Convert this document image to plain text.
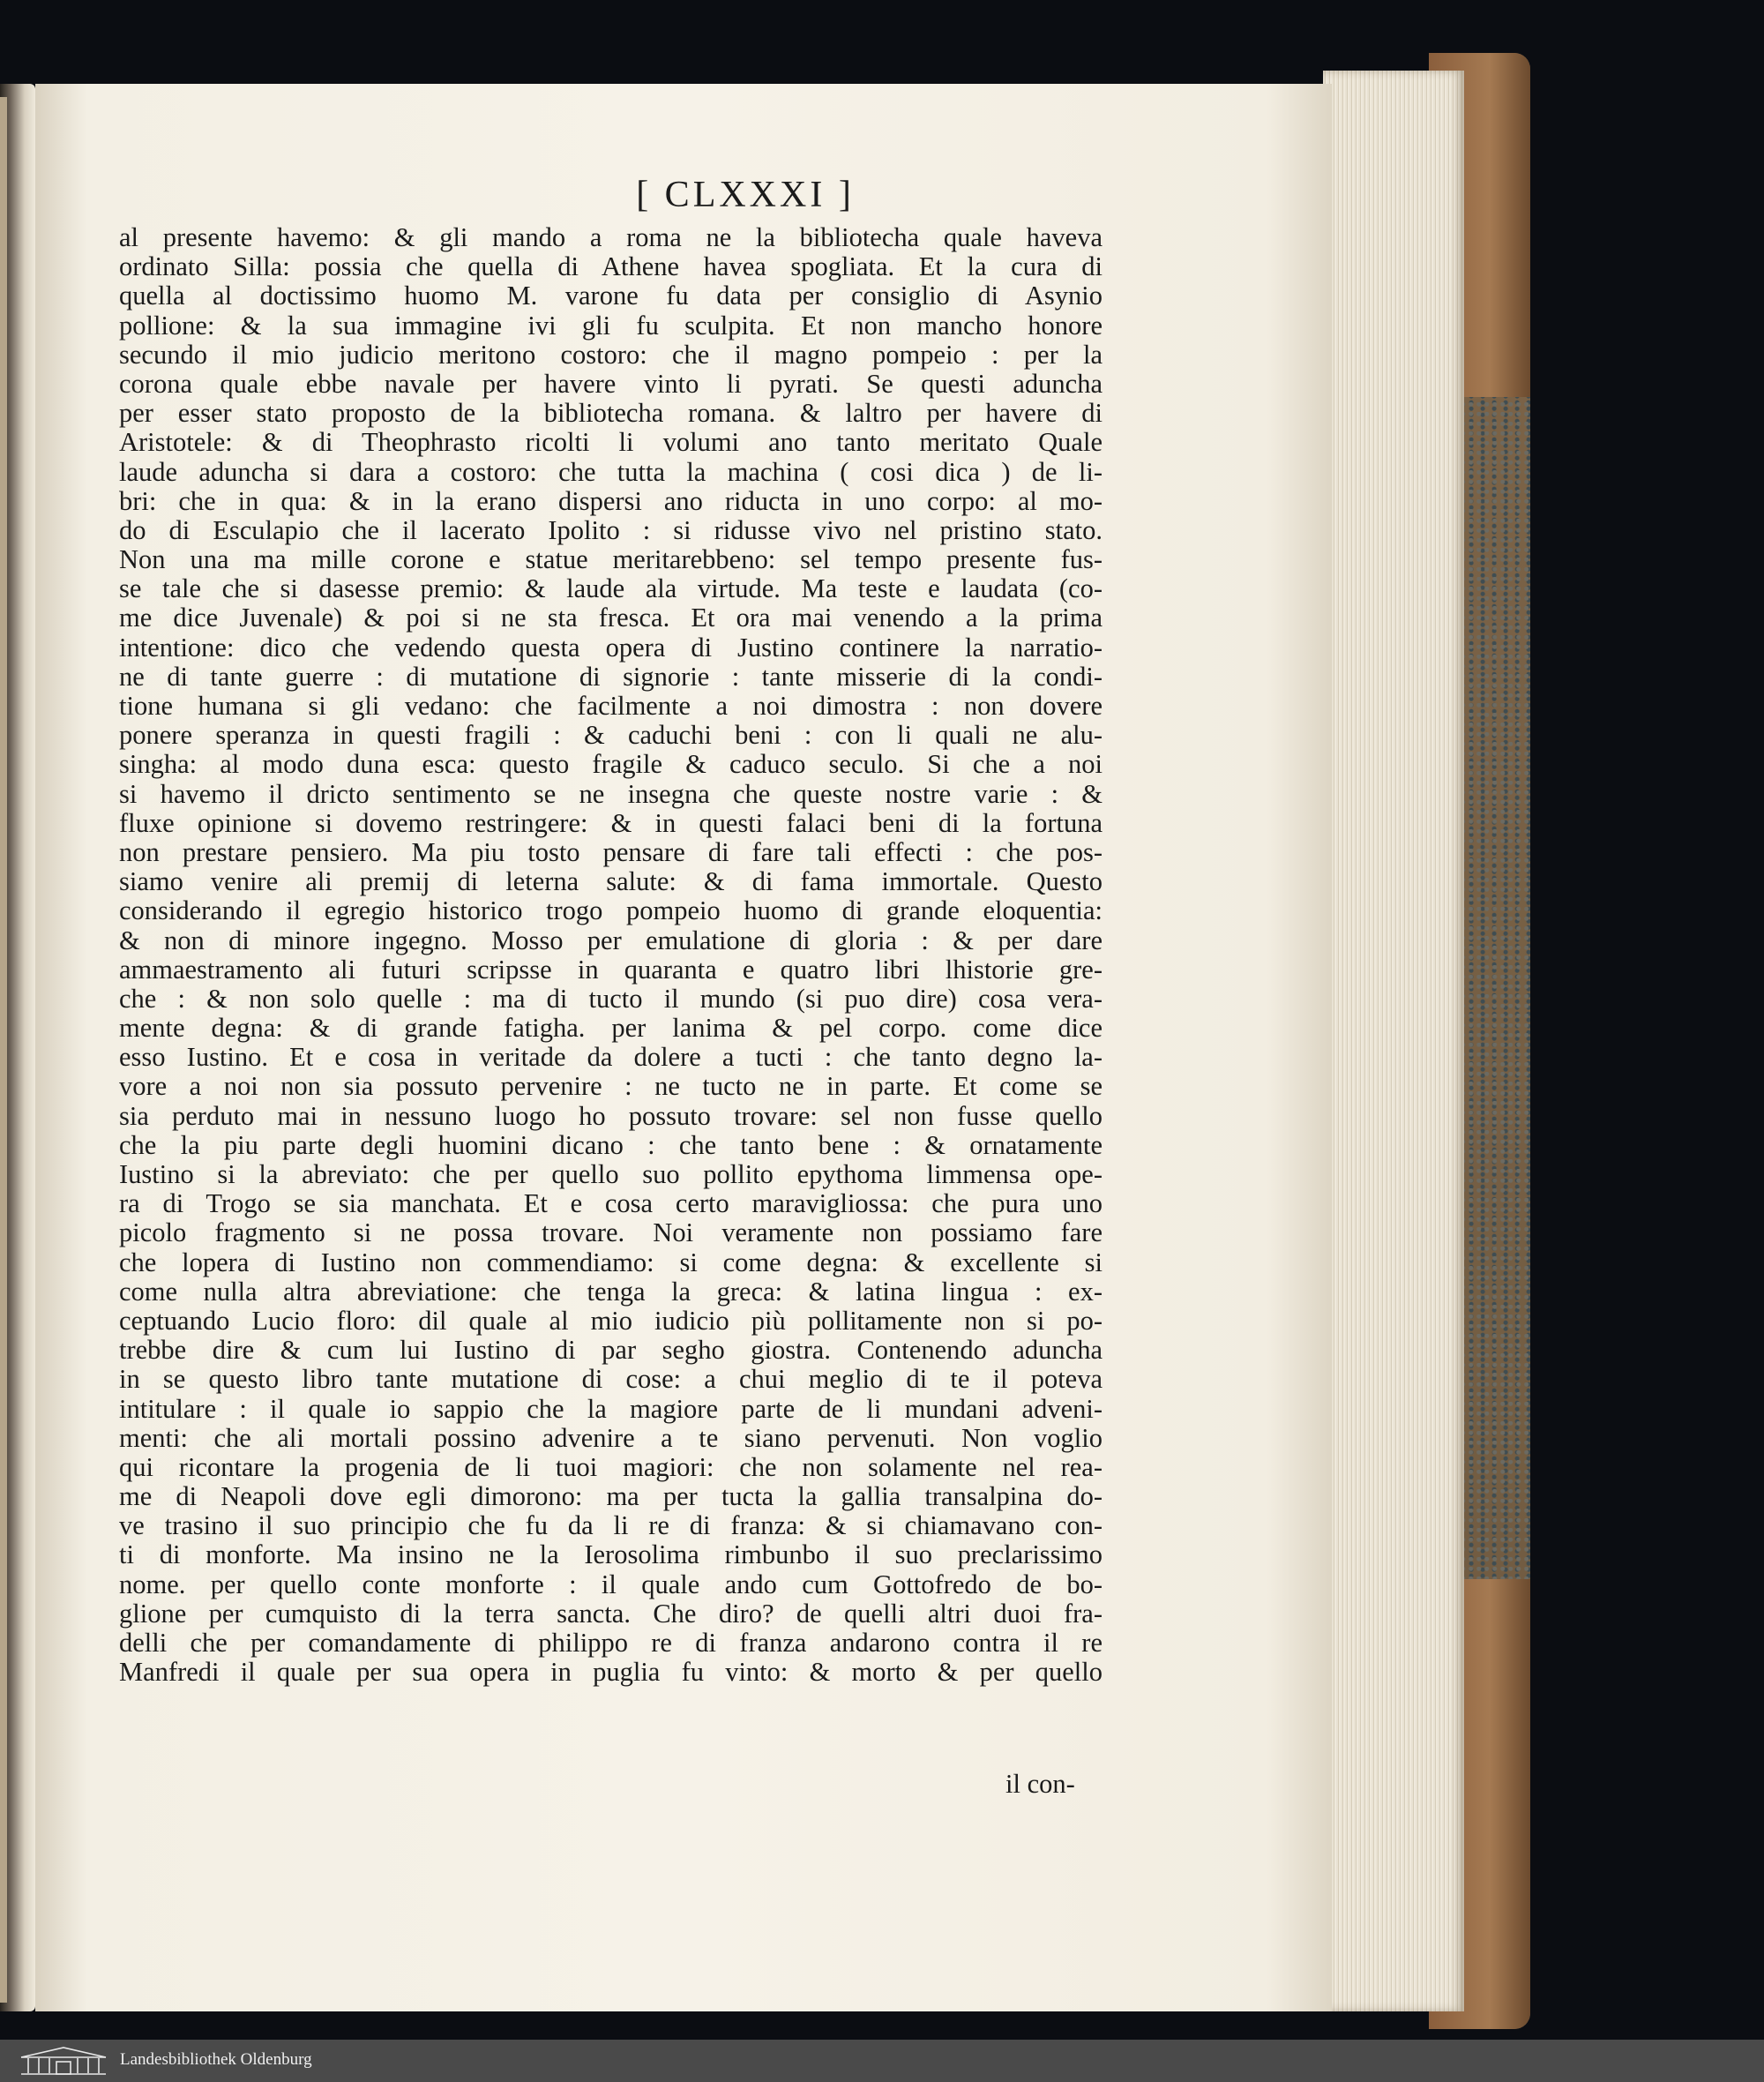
[ CLXXXI ]
al presente havemo: & gli mando a roma ne la bibliotecha quale haveva
ordinato Silla: possia che quella di Athene havea spogliata. Et la cura di
quella al doctissimo huomo M. varone fu data per consiglio di Asynio
pollione: & la sua immagine ivi gli fu sculpita. Et non mancho honore
secundo il mio judicio meritono costoro: che il magno pompeio : per la
corona quale ebbe navale per havere vinto li pyrati. Se questi aduncha
per esser stato proposto de la bibliotecha romana. & laltro per havere di
Aristotele: & di Theophrasto ricolti li volumi ano tanto meritato Quale
laude aduncha si dara a costoro: che tutta la machina ( cosi dica ) de li-
bri: che in qua: & in la erano dispersi ano riducta in uno corpo: al mo-
do di Esculapio che il lacerato Ipolito : si ridusse vivo nel pristino stato.
Non una ma mille corone e statue meritarebbeno: sel tempo presente fus-
se tale che si dasesse premio: & laude ala virtude. Ma teste e laudata (co-
me dice Juvenale) & poi si ne sta fresca. Et ora mai venendo a la prima
intentione: dico che vedendo questa opera di Justino continere la narratio-
ne di tante guerre : di mutatione di signorie : tante misserie di la condi-
tione humana si gli vedano: che facilmente a noi dimostra : non dovere
ponere speranza in questi fragili : & caduchi beni : con li quali ne alu-
singha: al modo duna esca: questo fragile & caduco seculo. Si che a noi
si havemo il dricto sentimento se ne insegna che queste nostre varie : &
fluxe opinione si dovemo restringere: & in questi falaci beni di la fortuna
non prestare pensiero. Ma piu tosto pensare di fare tali effecti : che pos-
siamo venire ali premij di leterna salute: & di fama immortale. Questo
considerando il egregio historico trogo pompeio huomo di grande eloquentia:
& non di minore ingegno. Mosso per emulatione di gloria : & per dare
ammaestramento ali futuri scripsse in quaranta e quatro libri lhistorie gre-
che : & non solo quelle : ma di tucto il mundo (si puo dire) cosa vera-
mente degna: & di grande fatigha. per lanima & pel corpo. come dice
esso Iustino. Et e cosa in veritade da dolere a tucti : che tanto degno la-
vore a noi non sia possuto pervenire : ne tucto ne in parte. Et come se
sia perduto mai in nessuno luogo ho possuto trovare: sel non fusse quello
che la piu parte degli huomini dicano : che tanto bene : & ornatamente
Iustino si la abreviato: che per quello suo pollito epythoma limmensa ope-
ra di Trogo se sia manchata. Et e cosa certo maravigliossa: che pura uno
picolo fragmento si ne possa trovare. Noi veramente non possiamo fare
che lopera di Iustino non commendiamo: si come degna: & excellente si
come nulla altra abreviatione: che tenga la greca: & latina lingua : ex-
ceptuando Lucio floro: dil quale al mio iudicio più pollitamente non si po-
trebbe dire & cum lui Iustino di par segho giostra. Contenendo aduncha
in se questo libro tante mutatione di cose: a chui meglio di te il poteva
intitulare : il quale io sappio che la magiore parte de li mundani adveni-
menti: che ali mortali possino advenire a te siano pervenuti. Non voglio
qui ricontare la progenia de li tuoi magiori: che non solamente nel rea-
me di Neapoli dove egli dimorono: ma per tucta la gallia transalpina do-
ve trasino il suo principio che fu da li re di franza: & si chiamavano con-
ti di monforte. Ma insino ne la Ierosolima rimbunbo il suo preclarissimo
nome. per quello conte monforte : il quale ando cum Gottofredo de bo-
glione per cumquisto di la terra sancta. Che diro? de quelli altri duoi fra-
delli che per comandamente di philippo re di franza andarono contra il re
Manfredi il quale per sua opera in puglia fu vinto: & morto & per quello
il con-
Landesbibliothek Oldenburg
